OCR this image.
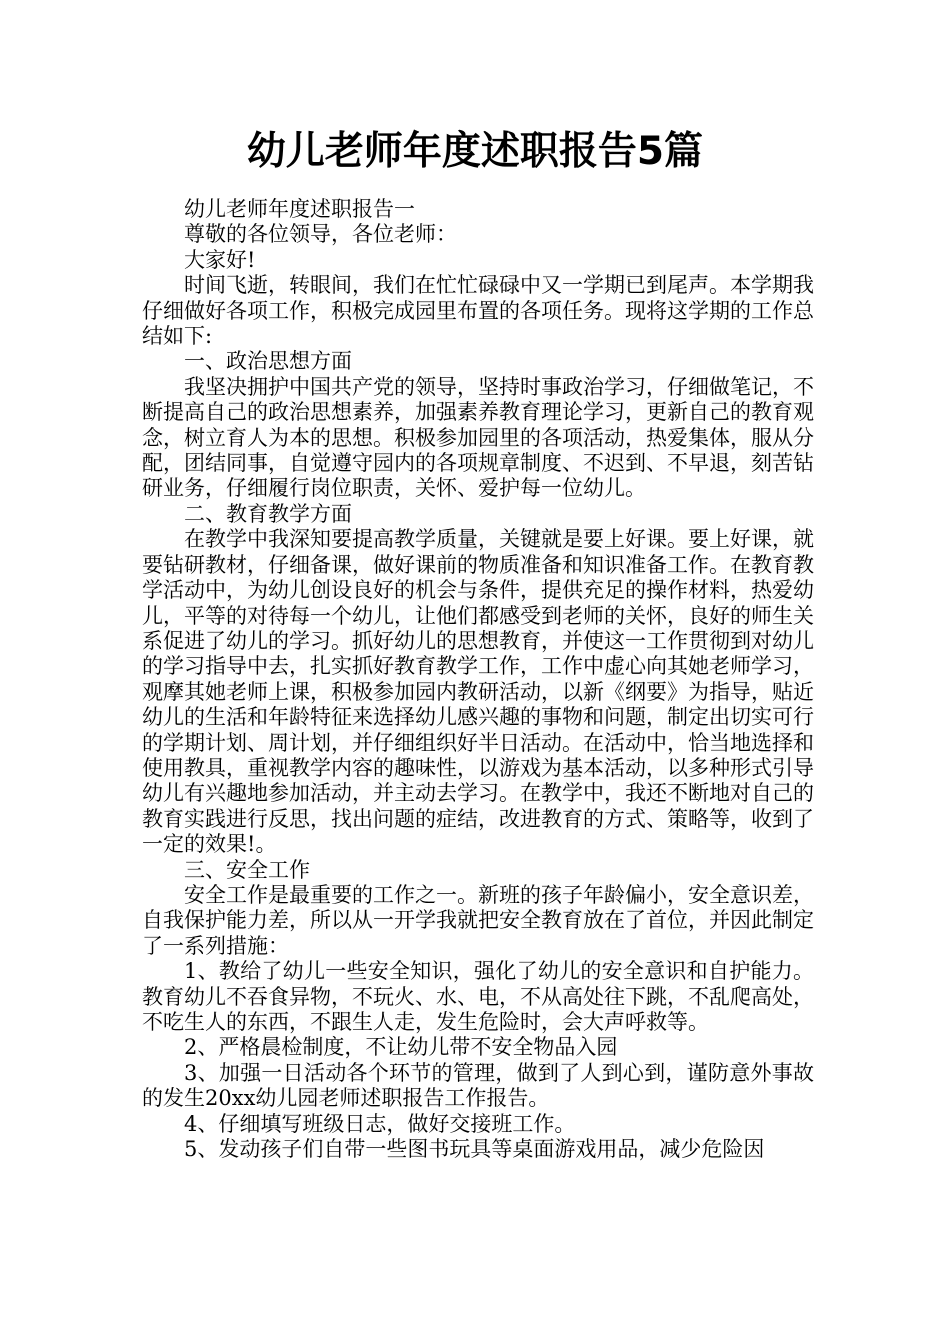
幼儿老师年度述职报告5篇

幼儿老师年度述职报告一

尊敬的各位领导，各位老师：

大家好!

时间飞逝，转眼间，我们在忙忙碌碌中又一学期已到尾声。本学期我仔细做好各项工作，积极完成园里布置的各项任务。现将这学期的工作总结如下:

一、政治思想方面

我坚决拥护中国共产党的领导，坚持时事政治学习，仔细做笔记，不断提高自己的政治思想素养，加强素养教育理论学习，更新自己的教育观念，树立育人为本的思想。积极参加园里的各项活动，热爱集体，服从分配，团结同事，自觉遵守园内的各项规章制度、不迟到、不早退，刻苦钻研业务，仔细履行岗位职责，关怀、爱护每一位幼儿。

二、教育教学方面

在教学中我深知要提高教学质量，关键就是要上好课。要上好课，就要钻研教材，仔细备课，做好课前的物质准备和知识准备工作。在教育教学活动中，为幼儿创设良好的机会与条件，提供充足的操作材料，热爱幼儿，平等的对待每一个幼儿，让他们都感受到老师的关怀，良好的师生关系促进了幼儿的学习。抓好幼儿的思想教育，并使这一工作贯彻到对幼儿的学习指导中去，扎实抓好教育教学工作，工作中虚心向其她老师学习，观摩其她老师上课，积极参加园内教研活动，以新《纲要》为指导，贴近幼儿的生活和年龄特征来选择幼儿感兴趣的事物和问题，制定出切实可行的学期计划、周计划，并仔细组织好半日活动。在活动中，恰当地选择和使用教具，重视教学内容的趣味性，以游戏为基本活动，以多种形式引导幼儿有兴趣地参加活动，并主动去学习。在教学中，我还不断地对自己的教育实践进行反思，找出问题的症结，改进教育的方式、策略等，收到了一定的效果!。

三、安全工作

安全工作是最重要的工作之一。新班的孩子年龄偏小，安全意识差，自我保护能力差，所以从一开学我就把安全教育放在了首位，并因此制定了一系列措施：

1、教给了幼儿一些安全知识，强化了幼儿的安全意识和自护能力。教育幼儿不吞食异物，不玩火、水、电，不从高处往下跳，不乱爬高处，不吃生人的东西，不跟生人走，发生危险时，会大声呼救等。

2、严格晨检制度，不让幼儿带不安全物品入园

3、加强一日活动各个环节的管理，做到了人到心到，谨防意外事故的发生20xx幼儿园老师述职报告工作报告。

4、仔细填写班级日志，做好交接班工作。

5、发动孩子们自带一些图书玩具等桌面游戏用品，减少危险因
